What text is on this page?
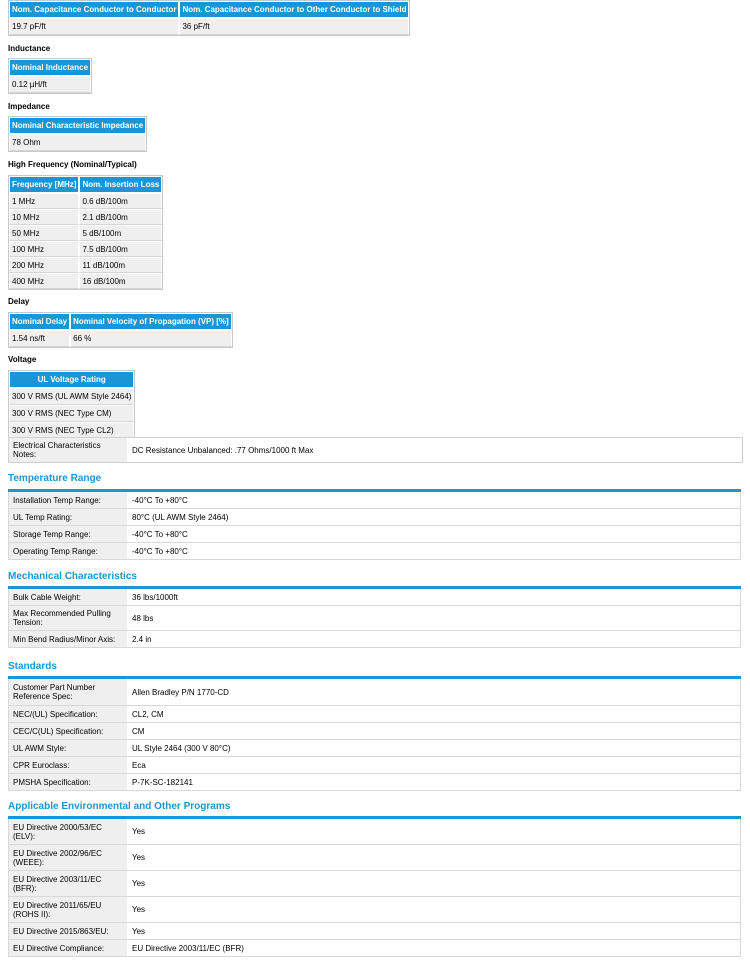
Nom. Capacitance Conductor to Conductor	Nom. Capacitance Conductor to Other Conductor to Shield
19.7 pF/ft	36 pF/ft
Inductance
Nominal Inductance
0.12 µH/ft
Impedance
Nominal Characteristic Impedance
78 Ohm
High Frequency (Nominal/Typical)
Frequency [MHz]	Nom. Insertion Loss
1 MHz	0.6 dB/100m
10 MHz	2.1 dB/100m
50 MHz	5 dB/100m
100 MHz	7.5 dB/100m
200 MHz	11 dB/100m
400 MHz	16 dB/100m
Delay
Nominal Delay	Nominal Velocity of Propagation (VP) [%]
1.54 ns/ft	66 %
Voltage
UL Voltage Rating
300 V RMS (UL AWM Style 2464)
300 V RMS (NEC Type CM)
300 V RMS (NEC Type CL2)
Electrical Characteristics Notes:	DC Resistance Unbalanced: .77 Ohms/1000 ft Max
Temperature Range
Installation Temp Range:	-40°C To +80°C
UL Temp Rating:	80°C (UL AWM Style 2464)
Storage Temp Range:	-40°C To +80°C
Operating Temp Range:	-40°C To +80°C
Mechanical Characteristics
Bulk Cable Weight:	36 lbs/1000ft
Max Recommended Pulling Tension:	48 lbs
Min Bend Radius/Minor Axis:	2.4 in
Standards
Customer Part Number Reference Spec:	Allen Bradley P/N 1770-CD
NEC/(UL) Specification:	CL2, CM
CEC/C(UL) Specification:	CM
UL AWM Style:	UL Style 2464 (300 V 80°C)
CPR Euroclass:	Eca
PMSHA Specification:	P-7K-SC-182141
Applicable Environmental and Other Programs
EU Directive 2000/53/EC (ELV):	Yes
EU Directive 2002/96/EC (WEEE):	Yes
EU Directive 2003/11/EC (BFR):	Yes
EU Directive 2011/65/EU (ROHS II):	Yes
EU Directive 2015/863/EU:	Yes
EU Directive Compliance:	EU Directive 2003/11/EC (BFR)
